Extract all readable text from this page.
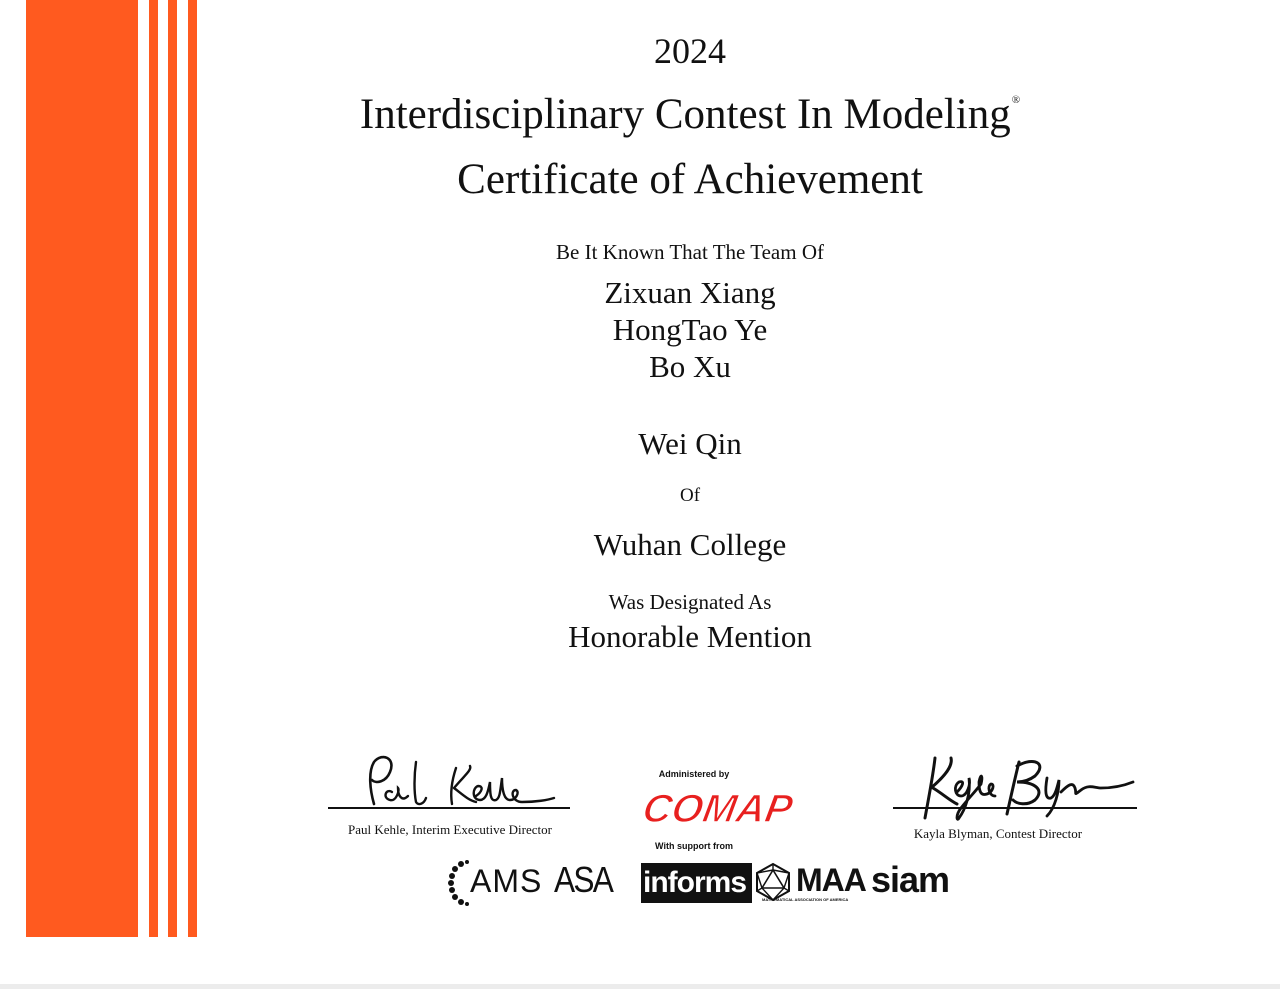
2024
Interdisciplinary Contest In Modeling®
Certificate of Achievement
Be It Known That The Team Of
Zixuan Xiang
HongTao Ye
Bo Xu
Wei Qin
Of
Wuhan College
Was Designated As
Honorable Mention
Paul Kehle, Interim Executive Director	Kayla Blyman, Contest Director
Administered by
COMAP
With support from
AMS ASA informs MAA
MATHEMATICAL ASSOCIATION OF AMERICA siam
